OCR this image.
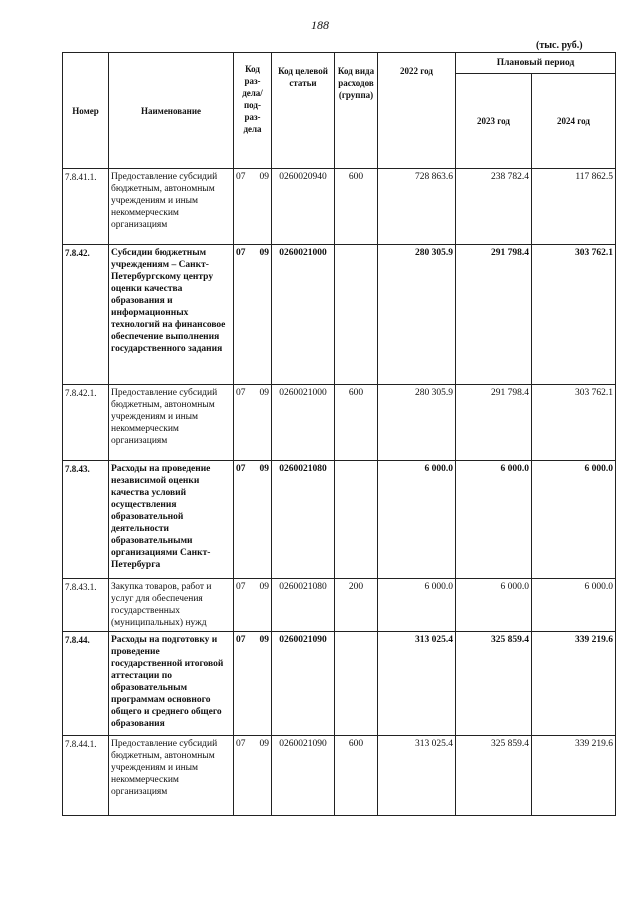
188
(тыс. руб.)
Номер	Наименование	Код раз-дела/ под-раз-дела	Код целевой статьи	Код вида расходов (группа)	2022 год	Плановый период	
						2023 год	2024 год
7.8.41.1.	Предоставление субсидий бюджетным, автономным учреждениям и иным некоммерческим организациям	07 09	0260020940	600	728 863.6	238 782.4	117 862.5
7.8.42.	Субсидии бюджетным учреждениям – Санкт-Петербургскому центру оценки качества образования и информационных технологий на финансовое обеспечение выполнения государственного задания	07 09	0260021000		280 305.9	291 798.4	303 762.1
7.8.42.1.	Предоставление субсидий бюджетным, автономным учреждениям и иным некоммерческим организациям	07 09	0260021000	600	280 305.9	291 798.4	303 762.1
7.8.43.	Расходы на проведение независимой оценки качества условий осуществления образовательной деятельности образовательными организациями Санкт-Петербурга	07 09	0260021080		6 000.0	6 000.0	6 000.0
7.8.43.1.	Закупка товаров, работ и услуг для обеспечения государственных (муниципальных) нужд	07 09	0260021080	200	6 000.0	6 000.0	6 000.0
7.8.44.	Расходы на подготовку и проведение государственной итоговой аттестации по образовательным программам основного общего и среднего общего образования	07 09	0260021090		313 025.4	325 859.4	339 219.6
7.8.44.1.	Предоставление субсидий бюджетным, автономным учреждениям и иным некоммерческим организациям	07 09	0260021090	600	313 025.4	325 859.4	339 219.6
